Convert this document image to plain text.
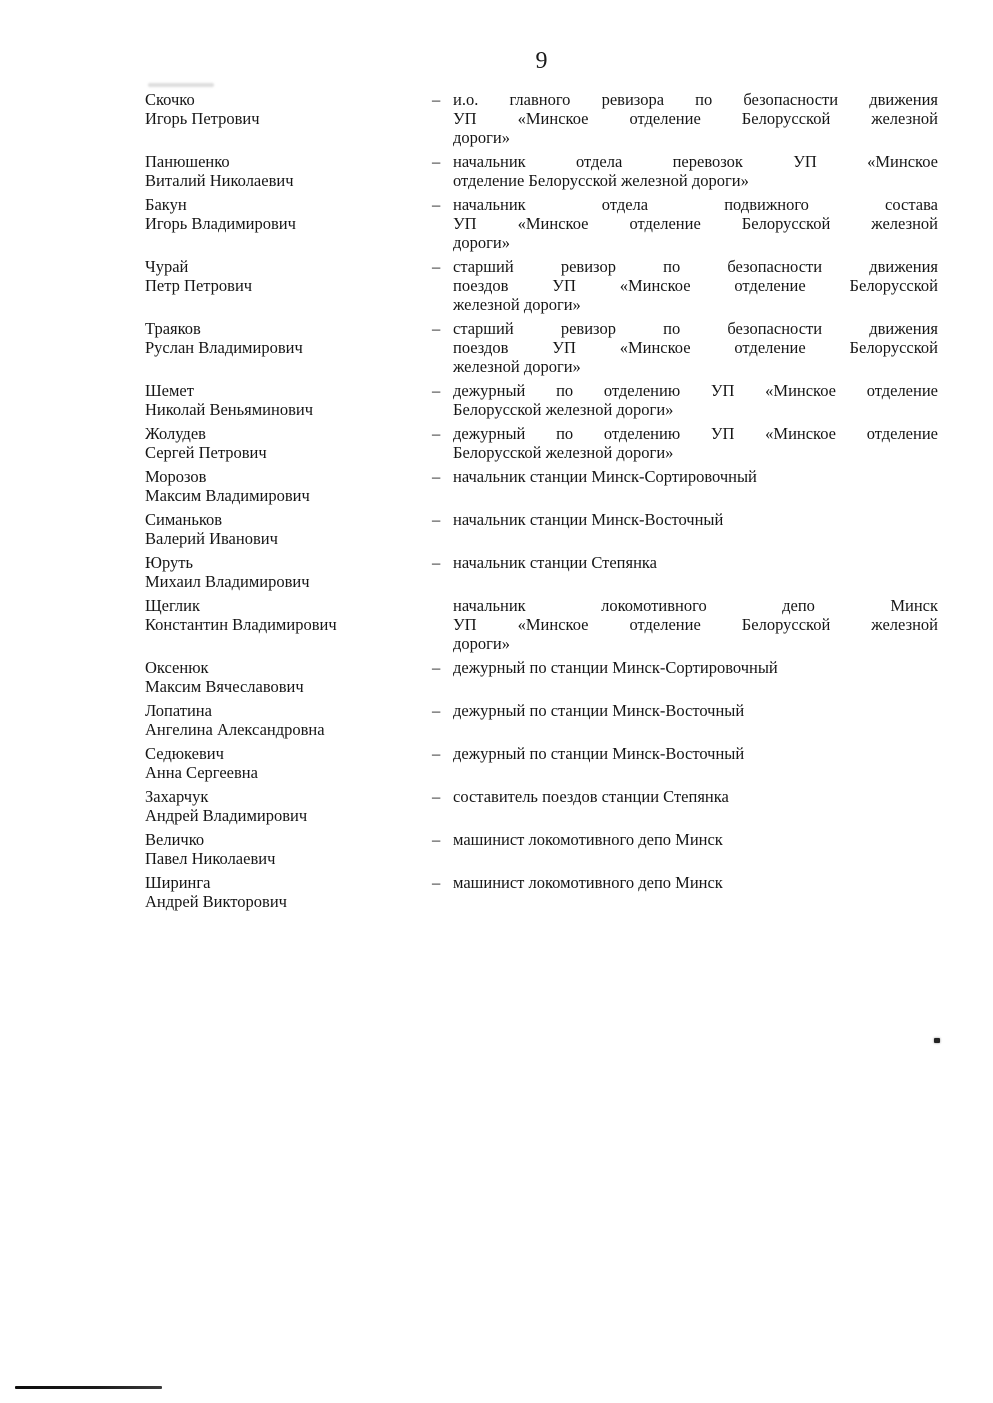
9
Скочко
Игорь Петрович
– и.о. главного ревизора по безопасности движения
УП «Минское отделение Белорусской железной
дороги»
Панюшенко
Виталий Николаевич
– начальник отдела перевозок УП «Минское
отделение Белорусской железной дороги»
Бакун
Игорь Владимирович
– начальник отдела подвижного состава
УП «Минское отделение Белорусской железной
дороги»
Чурай
Петр Петрович
– старший ревизор по безопасности движения
поездов УП «Минское отделение Белорусской
железной дороги»
Траяков
Руслан Владимирович
– старший ревизор по безопасности движения
поездов УП «Минское отделение Белорусской
железной дороги»
Шемет
Николай Веньяминович
– дежурный по отделению УП «Минское отделение
Белорусской железной дороги»
Жолудев
Сергей Петрович
– дежурный по отделению УП «Минское отделение
Белорусской железной дороги»
Морозов
Максим Владимирович
– начальник станции Минск-Сортировочный
Симаньков
Валерий Иванович
– начальник станции Минск-Восточный
Юруть
Михаил Владимирович
– начальник станции Степянка
Щеглик
Константин Владимирович
начальник локомотивного депо Минск
УП «Минское отделение Белорусской железной
дороги»
Оксенюк
Максим Вячеславович
– дежурный по станции Минск-Сортировочный
Лопатина
Ангелина Александровна
– дежурный по станции Минск-Восточный
Седюкевич
Анна Сергеевна
– дежурный по станции Минск-Восточный
Захарчук
Андрей Владимирович
– составитель поездов станции Степянка
Величко
Павел Николаевич
– машинист локомотивного депо Минск
Ширинга
Андрей Викторович
– машинист локомотивного депо Минск
